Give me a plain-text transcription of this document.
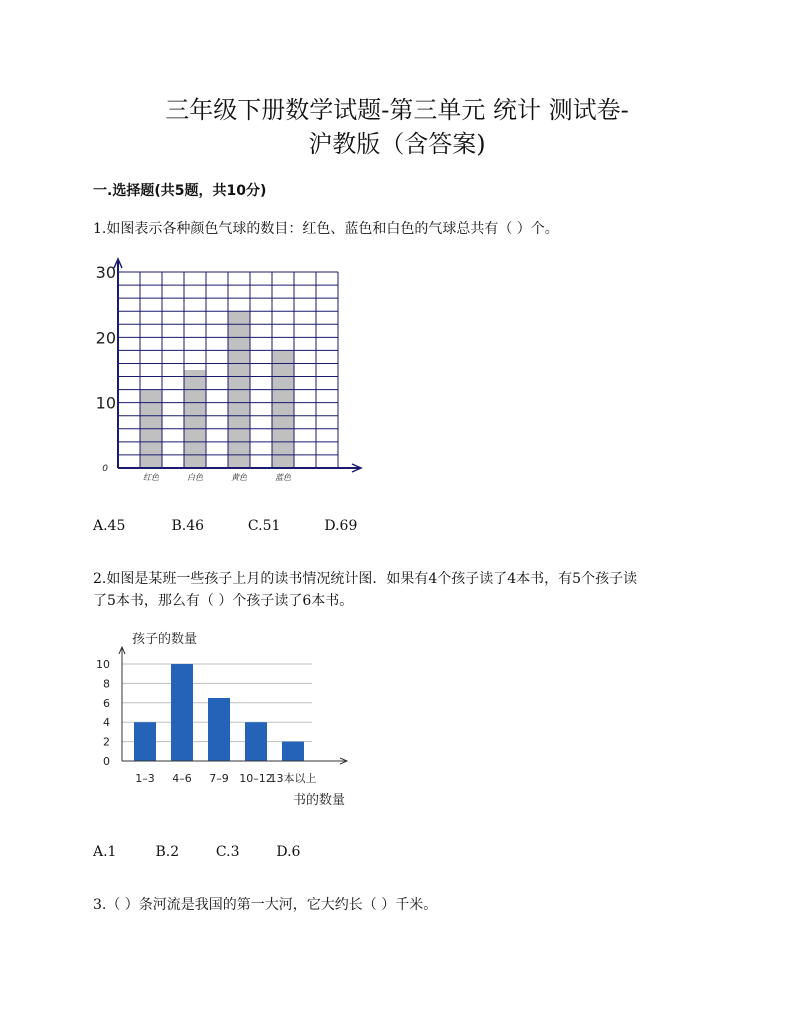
三年级下册数学试题-第三单元 统计 测试卷-
沪教版（含答案)
一.选择题(共5题，共10分)
1.如图表示各种颜色气球的数目：红色、蓝色和白色的气球总共有（ ）个。
0
10
20
30
红色	白色	黄色	蓝色
A.45	B.46	C.51	D.69
2.如图是某班一些孩子上月的读书情况统计图．如果有4个孩子读了4本书，有5个孩子读
了5本书，那么有（ ）个孩子读了6本书。
孩子的数量
0
2
4
6
8
10
1–3 4–6 7–9 10–12
13本以上
书的数量
A.1	B.2	C.3	D.6
3.（ ）条河流是我国的第一大河，它大约长（ ）千米。
